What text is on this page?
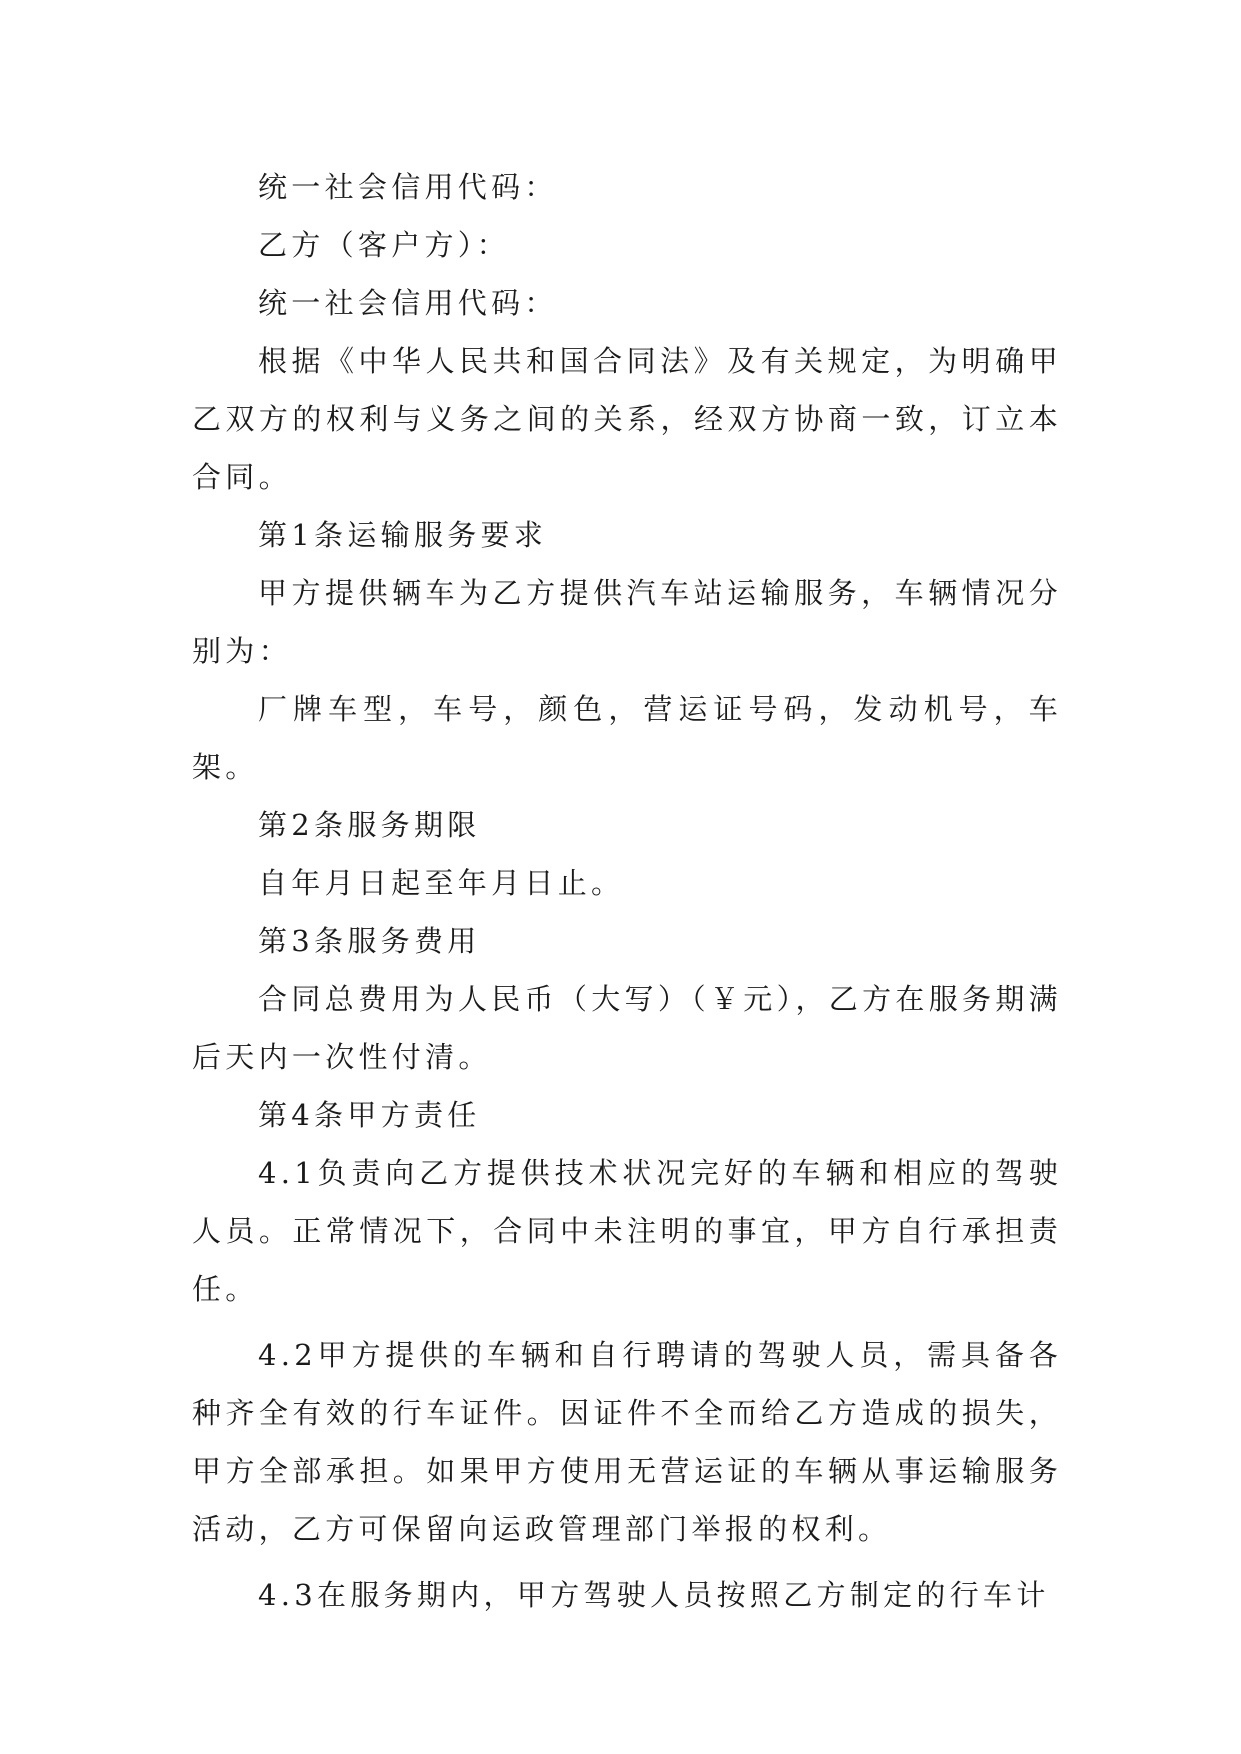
统一社会信用代码：

乙方（客户方）：

统一社会信用代码：

根据《中华人民共和国合同法》及有关规定，为明确甲乙双方的权利与义务之间的关系，经双方协商一致，订立本合同。

第1条运输服务要求

甲方提供辆车为乙方提供汽车站运输服务，车辆情况分别为：

厂牌车型，车号，颜色，营运证号码，发动机号，车架。

第2条服务期限

自年月日起至年月日止。

第3条服务费用

合同总费用为人民币（大写）（￥元），乙方在服务期满后天内一次性付清。

第4条甲方责任

4.1负责向乙方提供技术状况完好的车辆和相应的驾驶人员。正常情况下，合同中未注明的事宜，甲方自行承担责任。

4.2甲方提供的车辆和自行聘请的驾驶人员，需具备各种齐全有效的行车证件。因证件不全而给乙方造成的损失，甲方全部承担。如果甲方使用无营运证的车辆从事运输服务活动，乙方可保留向运政管理部门举报的权利。

4.3在服务期内，甲方驾驶人员按照乙方制定的行车计
